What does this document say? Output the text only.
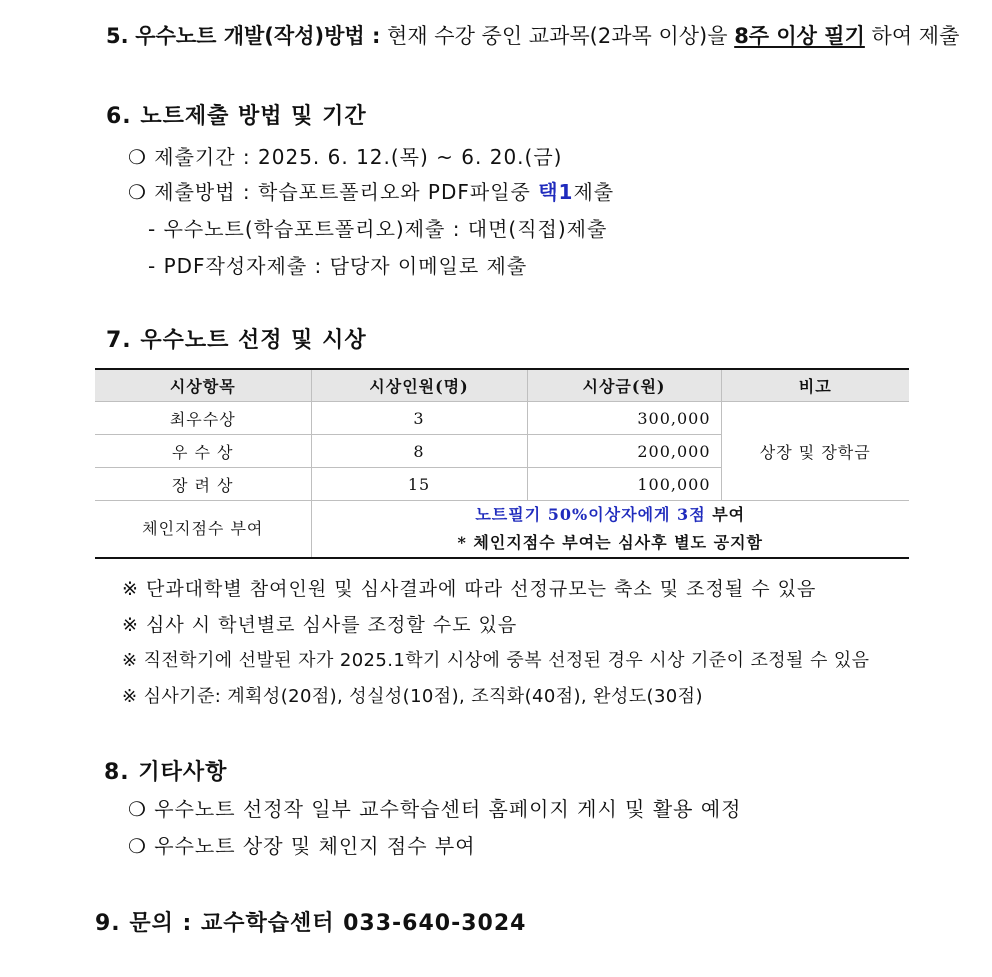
5. 우수노트 개발(작성)방법 : 현재 수강 중인 교과목(2과목 이상)을 8주 이상 필기 하여 제출
6. 노트제출 방법 및 기간
❍ 제출기간 : 2025. 6. 12.(목) ~ 6. 20.(금)
❍ 제출방법 : 학습포트폴리오와 PDF파일중 택1제출
- 우수노트(학습포트폴리오)제출 : 대면(직접)제출
- PDF작성자제출 : 담당자 이메일로 제출
7. 우수노트 선정 및 시상
시상항목	시상인원(명)	시상금(원)	비고
최우수상	3	300,000	상장 및 장학금
우 수 상	8	200,000	
장 려 상	15	100,000	
체인지점수 부여	노트필기 50%이상자에게 3점 부여
* 체인지점수 부여는 심사후 별도 공지함		
※ 단과대학별 참여인원 및 심사결과에 따라 선정규모는 축소 및 조정될 수 있음
※ 심사 시 학년별로 심사를 조정할 수도 있음
※ 직전학기에 선발된 자가 2025.1학기 시상에 중복 선정된 경우 시상 기준이 조정될 수 있음
※ 심사기준: 계획성(20점), 성실성(10점), 조직화(40점), 완성도(30점)
8. 기타사항
❍ 우수노트 선정작 일부 교수학습센터 홈페이지 게시 및 활용 예정
❍ 우수노트 상장 및 체인지 점수 부여
9. 문의 : 교수학습센터 033-640-3024
